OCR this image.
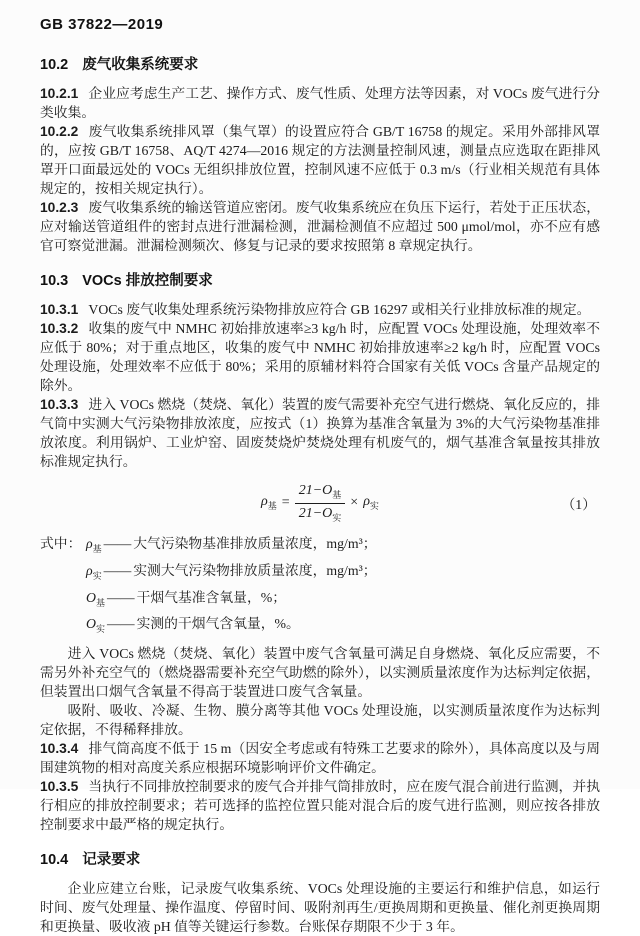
GB 37822—2019
10.2 废气收集系统要求

10.2.1 企业应考虑生产工艺、操作方式、废气性质、处理方法等因素，对 VOCs 废气进行分类收集。

10.2.2 废气收集系统排风罩（集气罩）的设置应符合 GB/T 16758 的规定。采用外部排风罩的，应按 GB/T 16758、AQ/T 4274—2016 规定的方法测量控制风速，测量点应选取在距排风罩开口面最远处的 VOCs 无组织排放位置，控制风速不应低于 0.3 m/s（行业相关规范有具体规定的，按相关规定执行）。

10.2.3 废气收集系统的输送管道应密闭。废气收集系统应在负压下运行，若处于正压状态，应对输送管道组件的密封点进行泄漏检测，泄漏检测值不应超过 500 μmol/mol，亦不应有感官可察觉泄漏。泄漏检测频次、修复与记录的要求按照第 8 章规定执行。

10.3 VOCs 排放控制要求

10.3.1 VOCs 废气收集处理系统污染物排放应符合 GB 16297 或相关行业排放标准的规定。

10.3.2 收集的废气中 NMHC 初始排放速率≥3 kg/h 时，应配置 VOCs 处理设施，处理效率不应低于 80%；对于重点地区，收集的废气中 NMHC 初始排放速率≥2 kg/h 时，应配置 VOCs 处理设施，处理效率不应低于 80%；采用的原辅材料符合国家有关低 VOCs 含量产品规定的除外。

10.3.3 进入 VOCs 燃烧（焚烧、氧化）装置的废气需要补充空气进行燃烧、氧化反应的，排气筒中实测大气污染物排放浓度，应按式（1）换算为基准含氧量为 3%的大气污染物基准排放浓度。利用锅炉、工业炉窑、固废焚烧炉焚烧处理有机废气的，烟气基准含氧量按其排放标准规定执行。

$\rho_基 = \frac{21-O_基}{21-O_实} \times \rho_实$	（1）
式中： $\rho_基$ —— 大气污染物基准排放质量浓度，mg/m³；
$\rho_实$ —— 实测大气污染物排放质量浓度，mg/m³；
$O_基$ —— 干烟气基准含氧量，%；
$O_实$ —— 实测的干烟气含氧量，%。

进入 VOCs 燃烧（焚烧、氧化）装置中废气含氧量可满足自身燃烧、氧化反应需要，不需另外补充空气的（燃烧器需要补充空气助燃的除外），以实测质量浓度作为达标判定依据，但装置出口烟气含氧量不得高于装置进口废气含氧量。

吸附、吸收、冷凝、生物、膜分离等其他 VOCs 处理设施，以实测质量浓度作为达标判定依据，不得稀释排放。

10.3.4 排气筒高度不低于 15 m（因安全考虑或有特殊工艺要求的除外），具体高度以及与周围建筑物的相对高度关系应根据环境影响评价文件确定。

10.3.5 当执行不同排放控制要求的废气合并排气筒排放时，应在废气混合前进行监测，并执行相应的排放控制要求；若可选择的监控位置只能对混合后的废气进行监测，则应按各排放控制要求中最严格的规定执行。

10.4 记录要求

企业应建立台账，记录废气收集系统、VOCs 处理设施的主要运行和维护信息，如运行时间、废气处理量、操作温度、停留时间、吸附剂再生/更换周期和更换量、催化剂更换周期和更换量、吸收液 pH 值等关键运行参数。台账保存期限不少于 3 年。
